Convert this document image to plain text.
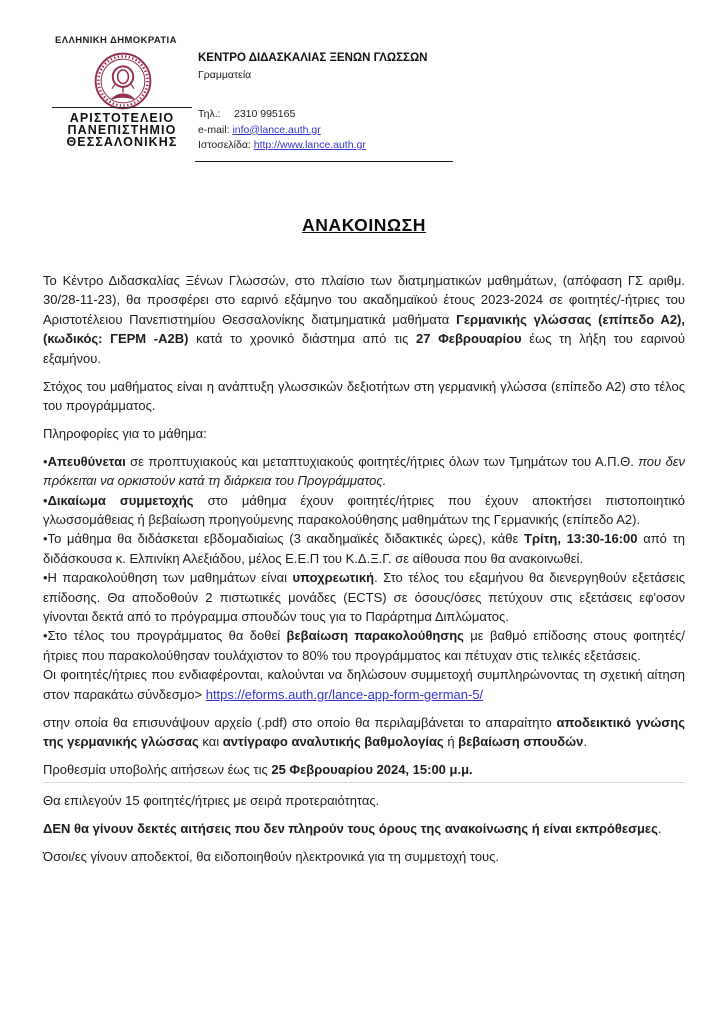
ΕΛΛΗΝΙΚΗ ΔΗΜΟΚΡΑΤΙΑ
ΑΡΙΣΤΟΤΕΛΕΙΟ
ΠΑΝΕΠΙΣΤΗΜΙΟ
ΘΕΣΣΑΛΟΝΙΚΗΣ
ΚΕΝΤΡΟ ΔΙΔΑΣΚΑΛΙΑΣ ΞΕΝΩΝ ΓΛΩΣΣΩΝ
Γραμματεία
Τηλ.: 2310 995165
e-mail: info@lance.auth.gr
Ιστοσελίδα: http://www.lance.auth.gr
ΑΝΑΚΟΙΝΩΣΗ

Το Κέντρο Διδασκαλίας Ξένων Γλωσσών, στο πλαίσιο των διατμηματικών μαθημάτων, (απόφαση ΓΣ αριθμ. 30/28-11-23), θα προσφέρει στο εαρινό εξάμηνο του ακαδημαϊκού έτους 2023-2024 σε φοιτητές/-ήτριες του Αριστοτέλειου Πανεπιστημίου Θεσσαλονίκης διατμηματικά μαθήματα Γερμανικής γλώσσας (επίπεδο Α2), (κωδικός: ΓΕΡΜ -Α2Β) κατά το χρονικό διάστημα από τις 27 Φεβρουαρίου έως τη λήξη του εαρινού εξαμήνου.

Στόχος του μαθήματος είναι η ανάπτυξη γλωσσικών δεξιοτήτων στη γερμανική γλώσσα (επίπεδο Α2) στο τέλος του προγράμματος.

Πληροφορίες για το μάθημα:

•Απευθύνεται σε προπτυχιακούς και μεταπτυχιακούς φοιτητές/ήτριες όλων των Τμημάτων του Α.Π.Θ. που δεν πρόκειται να ορκιστούν κατά τη διάρκεια του Προγράμματος.

•Δικαίωμα συμμετοχής στο μάθημα έχουν φοιτητές/ήτριες που έχουν αποκτήσει πιστοποιητικό γλωσσομάθειας ή βεβαίωση προηγούμενης παρακολούθησης μαθημάτων της Γερμανικής (επίπεδο Α2).

•Το μάθημα θα διδάσκεται εβδομαδιαίως (3 ακαδημαϊκές διδακτικές ώρες), κάθε Τρίτη, 13:30-16:00 από τη διδάσκουσα κ. Ελπινίκη Αλεξιάδου, μέλος Ε.Ε.Π του Κ.Δ.Ξ.Γ. σε αίθουσα που θα ανακοινωθεί.

•Η παρακολούθηση των μαθημάτων είναι υποχρεωτική. Στο τέλος του εξαμήνου θα διενεργηθούν εξετάσεις επίδοσης. Θα αποδοθούν 2 πιστωτικές μονάδες (ECTS) σε όσους/όσες πετύχουν στις εξετάσεις εφ'οσον γίνονται δεκτά από το πρόγραμμα σπουδών τους για το Παράρτημα Διπλώματος.

•Στο τέλος του προγράμματος θα δοθεί βεβαίωση παρακολούθησης με βαθμό επίδοσης στους φοιτητές/ήτριες που παρακολούθησαν τουλάχιστον το 80% του προγράμματος και πέτυχαν στις τελικές εξετάσεις.

Οι φοιτητές/ήτριες που ενδιαφέρονται, καλούνται να δηλώσουν συμμετοχή συμπληρώνοντας τη σχετική αίτηση στον παρακάτω σύνδεσμο> https://eforms.auth.gr/lance-app-form-german-5/

στην οποία θα επισυνάψουν αρχείο (.pdf) στο οποίο θα περιλαμβάνεται το απαραίτητο αποδεικτικό γνώσης της γερμανικής γλώσσας και αντίγραφο αναλυτικής βαθμολογίας ή βεβαίωση σπουδών.

Προθεσμία υποβολής αιτήσεων έως τις 25 Φεβρουαρίου 2024, 15:00 μ.μ.

Θα επιλεγούν 15 φοιτητές/ήτριες με σειρά προτεραιότητας.

ΔΕΝ θα γίνουν δεκτές αιτήσεις που δεν πληρούν τους όρους της ανακοίνωσης ή είναι εκπρόθεσμες.

Όσοι/ες γίνουν αποδεκτοί, θα ειδοποιηθούν ηλεκτρονικά για τη συμμετοχή τους.
